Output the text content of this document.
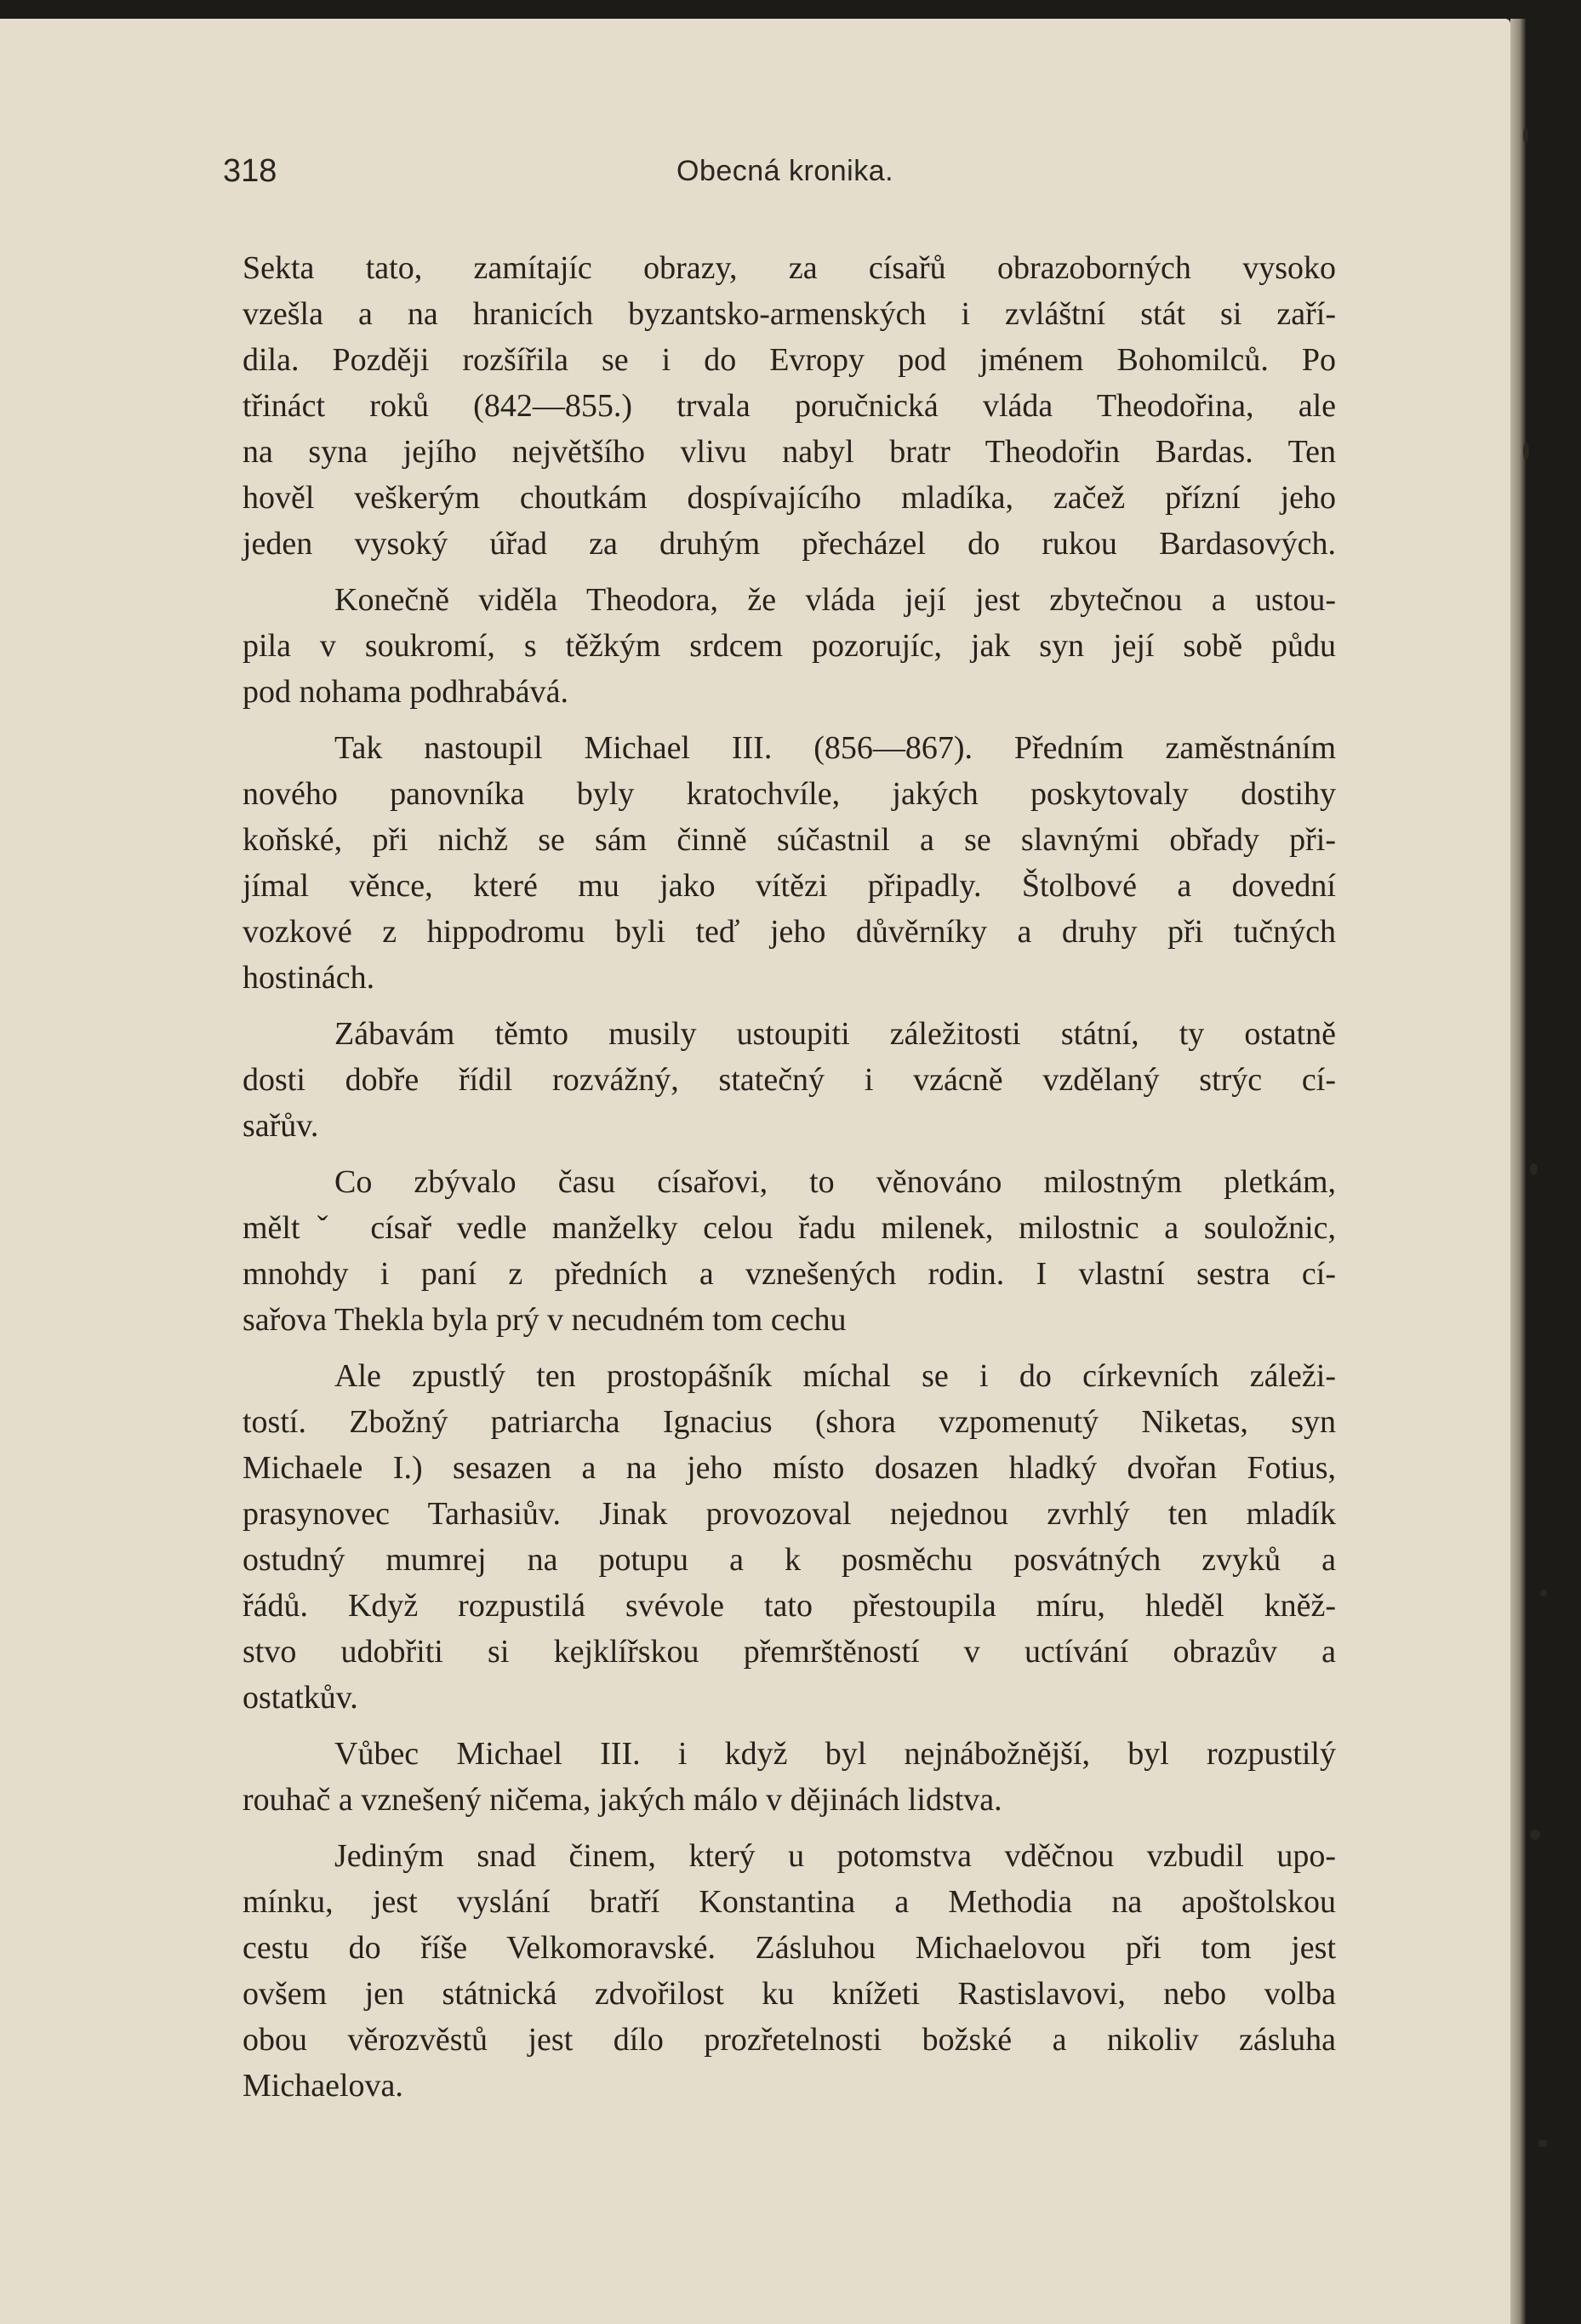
318	Obecná kronika.
Sekta tato, zamítajíc obrazy, za císařů obrazoborných vysoko
vzešla a na hranicích byzantsko-armenských i zvláštní stát si zaří-
dila. Později rozšířila se i do Evropy pod jménem Bohomilců. Po
třináct roků (842—855.) trvala poručnická vláda Theodořina, ale
na syna jejího největšího vlivu nabyl bratr Theodořin Bardas. Ten
hověl veškerým choutkám dospívajícího mladíka, začež přízní jeho
jeden vysoký úřad za druhým přecházel do rukou Bardasových.
Konečně viděla Theodora, že vláda její jest zbytečnou a ustou-
pila v soukromí, s těžkým srdcem pozorujíc, jak syn její sobě půdu
pod nohama podhrabává.
Tak nastoupil Michael III. (856—867). Předním zaměstnáním
nového panovníka byly kratochvíle, jakých poskytovaly dostihy
koňské, při nichž se sám činně súčastnil a se slavnými obřady při-
jímal věnce, které mu jako vítězi připadly. Štolbové a dovední
vozkové z hippodromu byli teď jeho důvěrníky a druhy při tučných
hostinách.
Zábavám těmto musily ustoupiti záležitosti státní, ty ostatně
dosti dobře řídil rozvážný, statečný i vzácně vzdělaný strýc cí-
sařův.
Co zbývalo času císařovi, to věnováno milostným pletkám,
měltˇ císař vedle manželky celou řadu milenek, milostnic a souložnic,
mnohdy i paní z předních a vznešených rodin. I vlastní sestra cí-
sařova Thekla byla prý v necudném tom cechu
Ale zpustlý ten prostopášník míchal se i do církevních záleži-
tostí. Zbožný patriarcha Ignacius (shora vzpomenutý Niketas, syn
Michaele I.) sesazen a na jeho místo dosazen hladký dvořan Fotius,
prasynovec Tarhasiův. Jinak provozoval nejednou zvrhlý ten mladík
ostudný mumrej na potupu a k posměchu posvátných zvyků a
řádů. Když rozpustilá svévole tato přestoupila míru, hleděl kněž-
stvo udobřiti si kejklířskou přemrštěností v uctívání obrazův a
ostatkův.
Vůbec Michael III. i když byl nejnábožnější, byl rozpustilý
rouhač a vznešený ničema, jakých málo v dějinách lidstva.
Jediným snad činem, který u potomstva vděčnou vzbudil upo-
mínku, jest vyslání bratří Konstantina a Methodia na apoštolskou
cestu do říše Velkomoravské. Zásluhou Michaelovou při tom jest
ovšem jen státnická zdvořilost ku knížeti Rastislavovi, nebo volba
obou věrozvěstů jest dílo prozřetelnosti božské a nikoliv zásluha
Michaelova.
